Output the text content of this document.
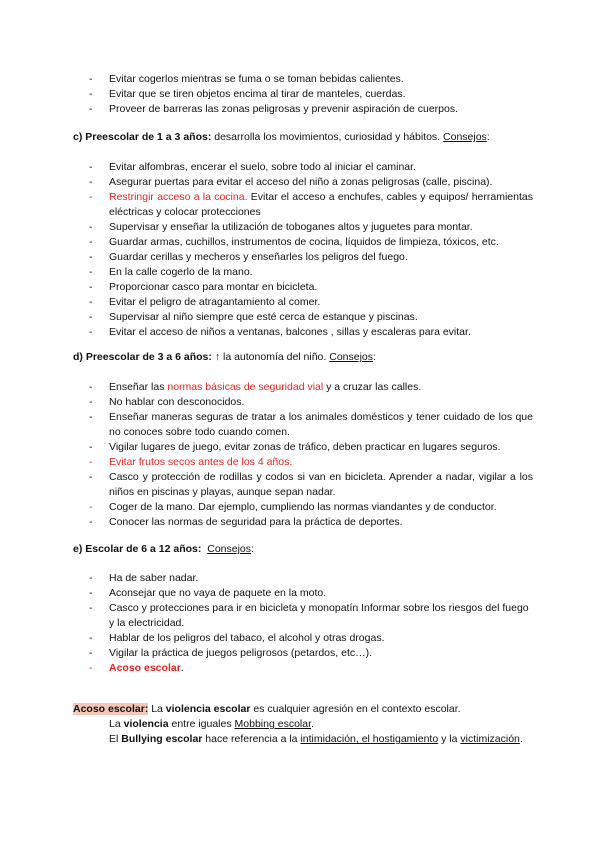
- Evitar cogerlos mientras se fuma o se toman bebidas calientes.
- Evitar que se tiren objetos encima al tirar de manteles, cuerdas.
- Proveer de barreras las zonas peligrosas y prevenir aspiración de cuerpos.
c) Preescolar de 1 a 3 años: desarrolla los movimientos, curiosidad y hábitos. Consejos:
- Evitar alfombras, encerar el suelo, sobre todo al iniciar el caminar.
- Asegurar puertas para evitar el acceso del niño a zonas peligrosas (calle, piscina).
- Restringir acceso a la cocina. Evitar el acceso a enchufes, cables y equipos/ herramientas eléctricas y colocar protecciones
- Supervisar y enseñar la utilización de toboganes altos y juguetes para montar.
- Guardar armas, cuchillos, instrumentos de cocina, líquidos de limpieza, tóxicos, etc.
- Guardar cerillas y mecheros y enseñarles los peligros del fuego.
- En la calle cogerlo de la mano.
- Proporcionar casco para montar en bicicleta.
- Evitar el peligro de atragantamiento al comer.
- Supervisar al niño siempre que esté cerca de estanque y piscinas.
- Evitar el acceso de niños a ventanas, balcones , sillas y escaleras para evitar.
d) Preescolar de 3 a 6 años: ↑ la autonomía del niño. Consejos:
- Enseñar las normas básicas de seguridad vial y a cruzar las calles.
- No hablar con desconocidos.
- Enseñar maneras seguras de tratar a los animales domésticos y tener cuidado de los que no conoces sobre todo cuando comen.
- Vigilar lugares de juego, evitar zonas de tráfico, deben practicar en lugares seguros.
- Evitar frutos secos antes de los 4 años.
- Casco y protección de rodillas y codos si van en bicicleta. Aprender a nadar, vigilar a los niños en piscinas y playas, aunque sepan nadar.
- Coger de la mano. Dar ejemplo, cumpliendo las normas viandantes y de conductor.
- Conocer las normas de seguridad para la práctica de deportes.
e) Escolar de 6 a 12 años: Consejos:
- Ha de saber nadar.
- Aconsejar que no vaya de paquete en la moto.
- Casco y protecciones para ir en bicicleta y monopatín Informar sobre los riesgos del fuego y la electricidad.
- Hablar de los peligros del tabaco, el alcohol y otras drogas.
- Vigilar la práctica de juegos peligrosos (petardos, etc…).
- Acoso escolar.
Acoso escolar: La violencia escolar es cualquier agresión en el contexto escolar.
La violencia entre iguales Mobbing escolar.
El Bullying escolar hace referencia a la intimidación, el hostigamiento y la victimización.
